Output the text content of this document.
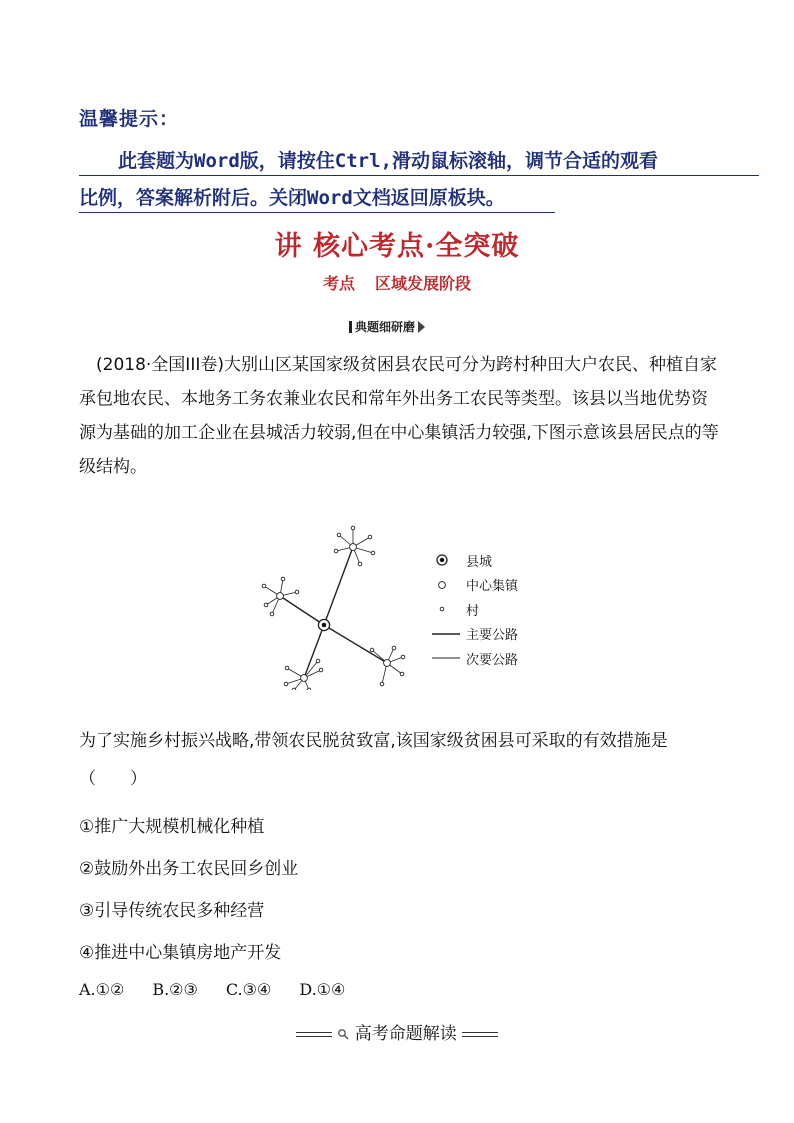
温馨提示：
此套题为Word版，请按住Ctrl,滑动鼠标滚轴，调节合适的观看
比例，答案解析附后。关闭Word文档返回原板块。
讲 核心考点·全突破
考点 区域发展阶段
典题细研磨
(2018·全国III卷)大别山区某国家级贫困县农民可分为跨村种田大户农民、种植自家承包地农民、本地务工务农兼业农民和常年外出务工农民等类型。该县以当地优势资源为基础的加工企业在县城活力较弱,但在中心集镇活力较强,下图示意该县居民点的等级结构。
县城
中心集镇
村
主要公路
次要公路
为了实施乡村振兴战略,带领农民脱贫致富,该国家级贫困县可采取的有效措施是（　　）
①推广大规模机械化种植
②鼓励外出务工农民回乡创业
③引导传统农民多种经营
④推进中心集镇房地产开发
A.①② B.②③ C.③④ D.①④
高考命题解读
